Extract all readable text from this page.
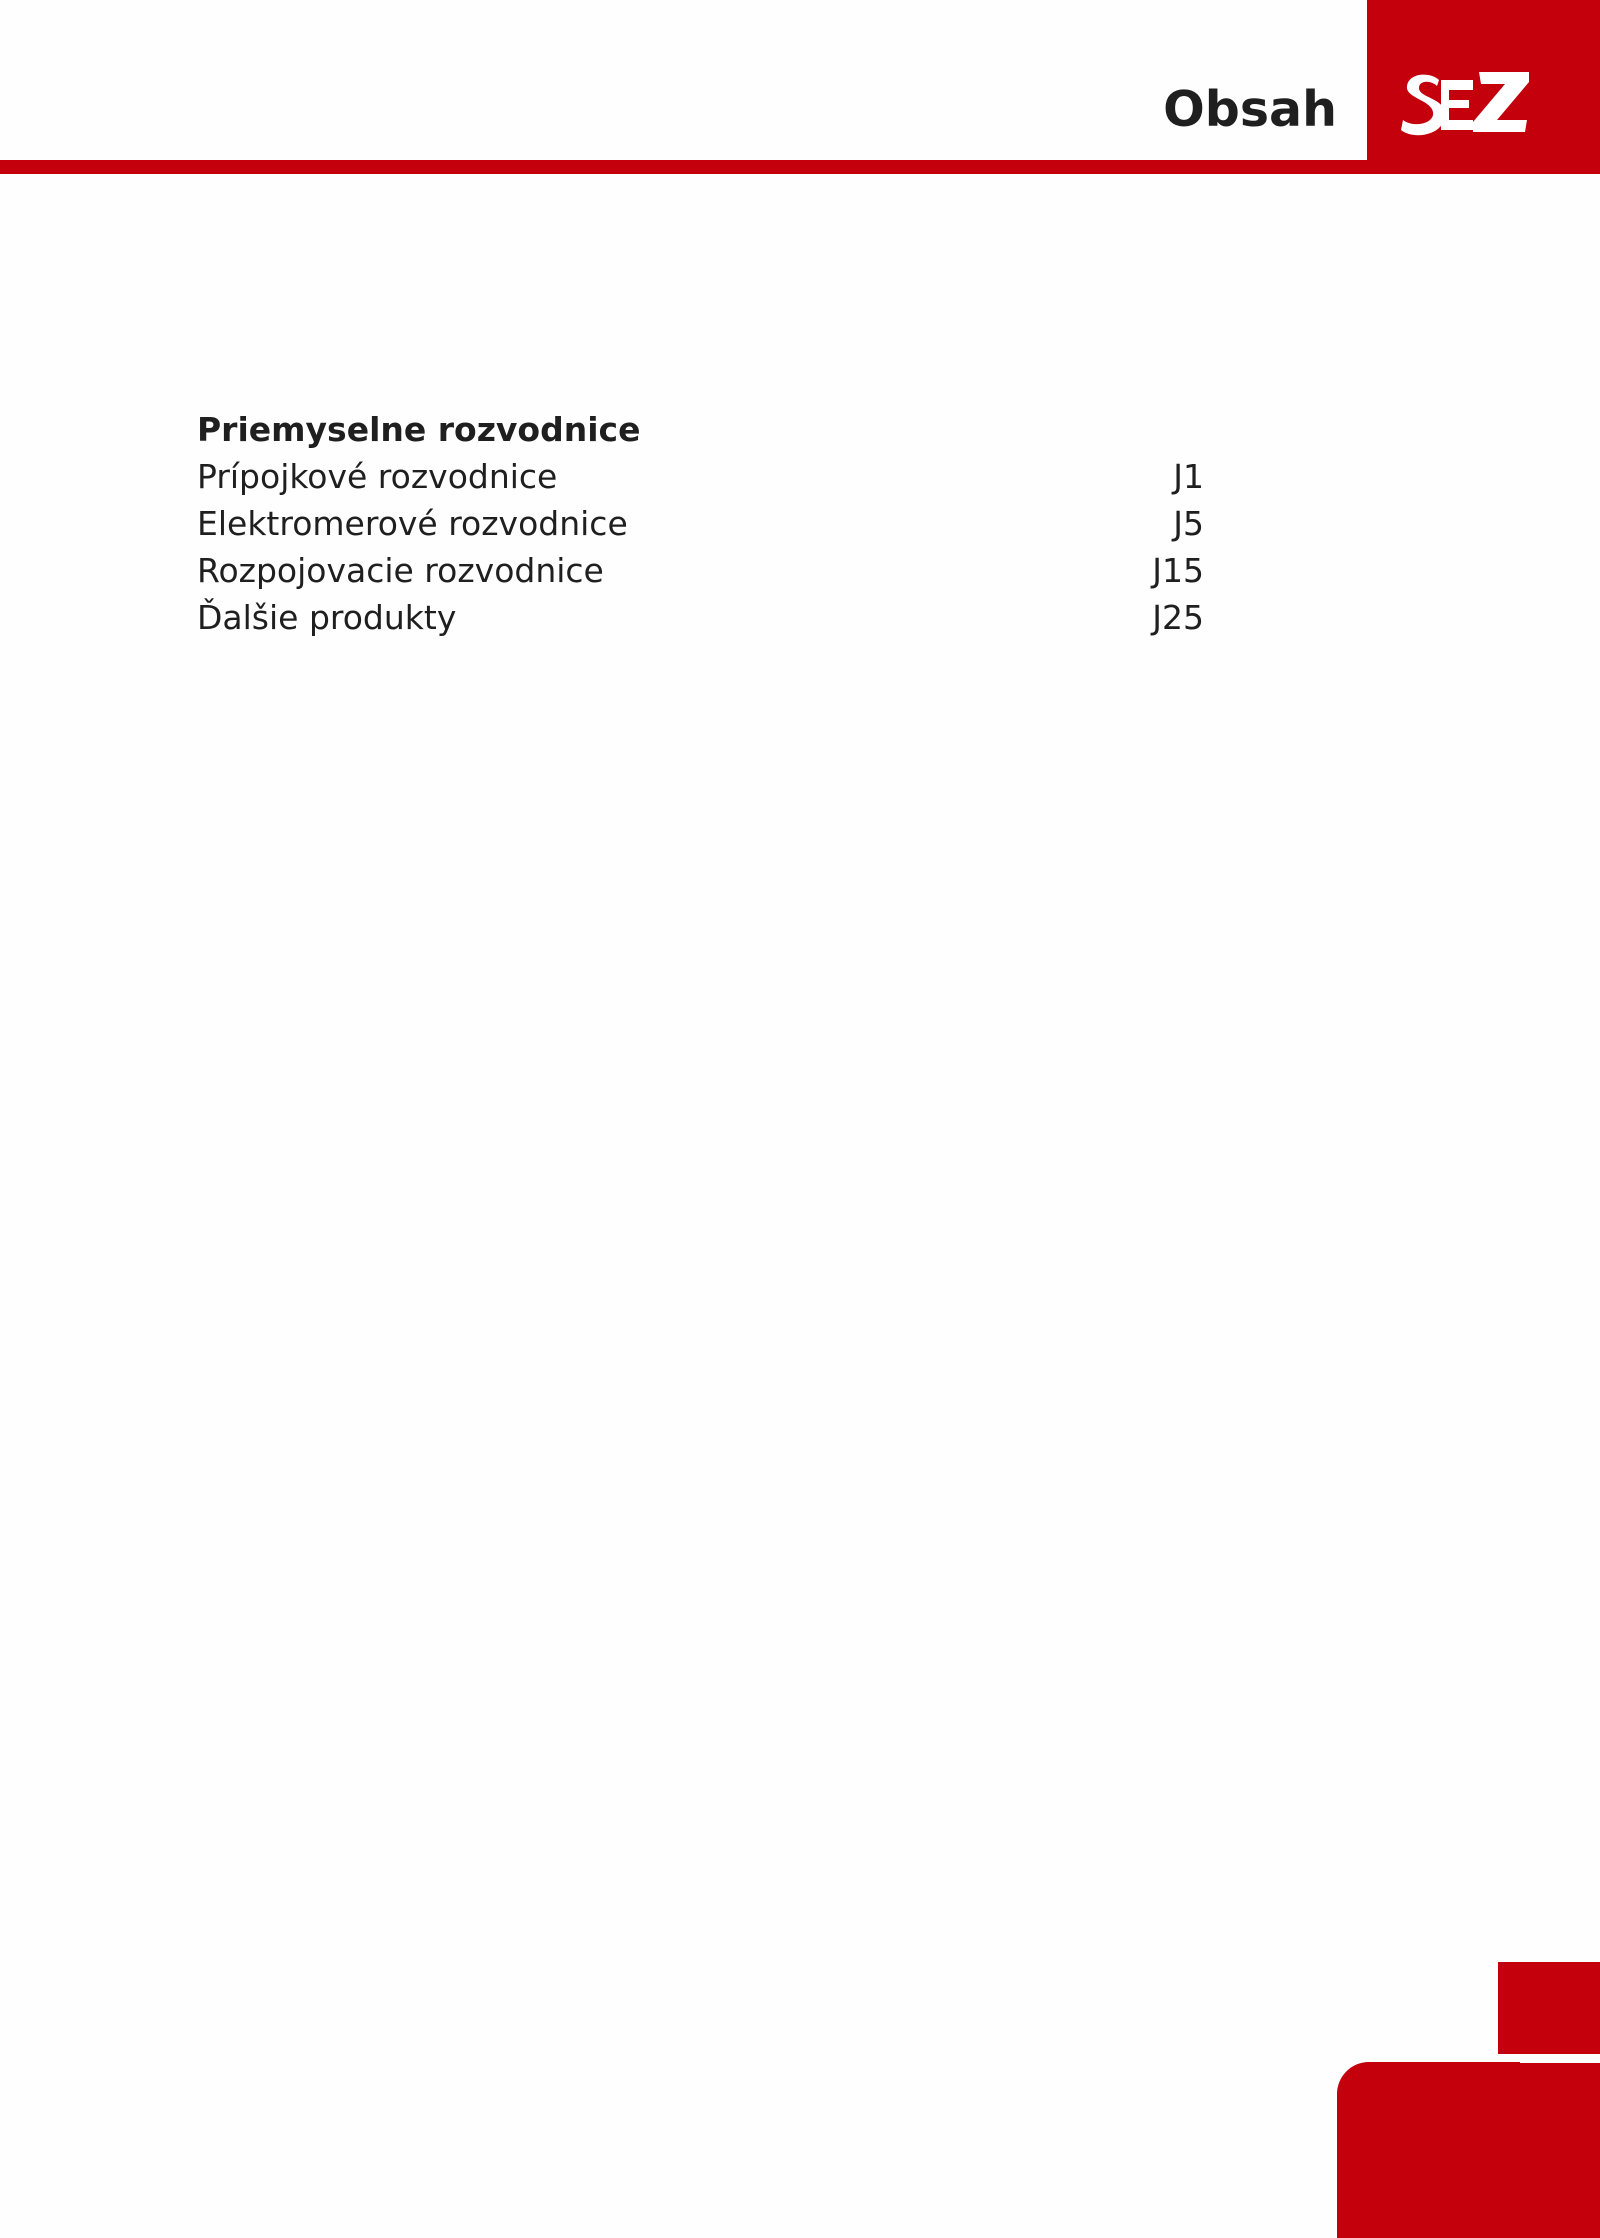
Obsah
Priemyselne rozvodnice
Prípojkové rozvodnice	J1
Elektromerové rozvodnice	J5
Rozpojovacie rozvodnice	J15
Ďalšie produkty	J25
